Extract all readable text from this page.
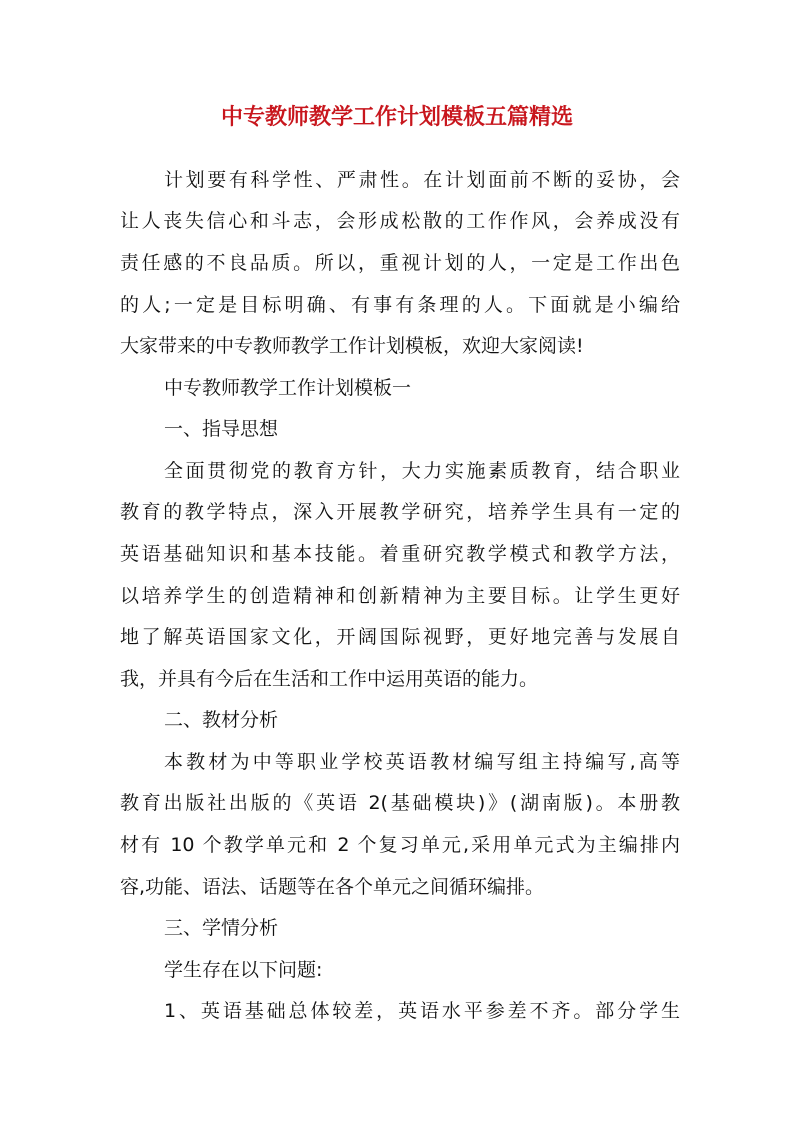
中专教师教学工作计划模板五篇精选
计划要有科学性、严肃性。在计划面前不断的妥协，会
让人丧失信心和斗志，会形成松散的工作作风，会养成没有
责任感的不良品质。所以，重视计划的人，一定是工作出色
的人;一定是目标明确、有事有条理的人。下面就是小编给
大家带来的中专教师教学工作计划模板，欢迎大家阅读!
中专教师教学工作计划模板一
一、指导思想
全面贯彻党的教育方针，大力实施素质教育，结合职业
教育的教学特点，深入开展教学研究，培养学生具有一定的
英语基础知识和基本技能。着重研究教学模式和教学方法，
以培养学生的创造精神和创新精神为主要目标。让学生更好
地了解英语国家文化，开阔国际视野，更好地完善与发展自
我，并具有今后在生活和工作中运用英语的能力。
二、教材分析
本教材为中等职业学校英语教材编写组主持编写,高等
教育出版社出版的《英语 2(基础模块)》(湖南版)。本册教
材有 10 个教学单元和 2 个复习单元,采用单元式为主编排内
容,功能、语法、话题等在各个单元之间循环编排。
三、学情分析
学生存在以下问题:
1、英语基础总体较差，英语水平参差不齐。部分学生
